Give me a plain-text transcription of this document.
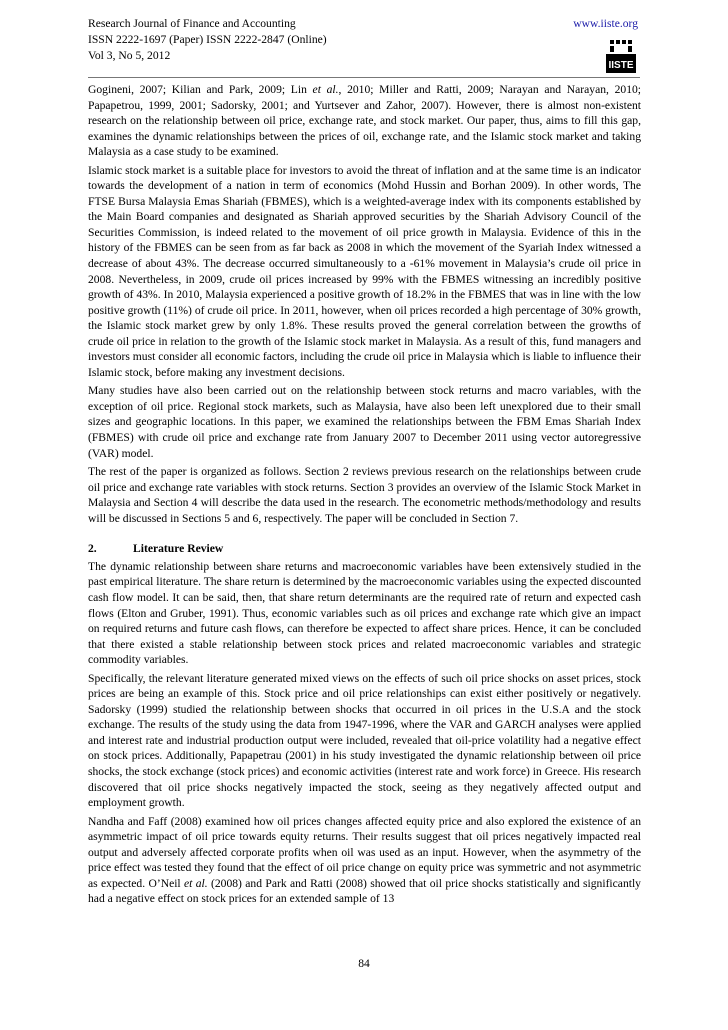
Research Journal of Finance and Accounting
ISSN 2222-1697 (Paper) ISSN 2222-2847 (Online)
Vol 3, No 5, 2012
www.iiste.org
IISTE

Gogineni, 2007; Kilian and Park, 2009; Lin et al., 2010; Miller and Ratti, 2009; Narayan and Narayan, 2010; Papapetrou, 1999, 2001; Sadorsky, 2001; and Yurtsever and Zahor, 2007). However, there is almost non-existent research on the relationship between oil price, exchange rate, and stock market. Our paper, thus, aims to fill this gap, examines the dynamic relationships between the prices of oil, exchange rate, and the Islamic stock market and taking Malaysia as a case study to be examined.

Islamic stock market is a suitable place for investors to avoid the threat of inflation and at the same time is an indicator towards the development of a nation in term of economics (Mohd Hussin and Borhan 2009). In other words, The FTSE Bursa Malaysia Emas Shariah (FBMES), which is a weighted-average index with its components established by the Main Board companies and designated as Shariah approved securities by the Shariah Advisory Council of the Securities Commission, is indeed related to the movement of oil price growth in Malaysia. Evidence of this in the history of the FBMES can be seen from as far back as 2008 in which the movement of the Syariah Index witnessed a decrease of about 43%. The decrease occurred simultaneously to a -61% movement in Malaysia’s crude oil price in 2008. Nevertheless, in 2009, crude oil prices increased by 99% with the FBMES witnessing an incredibly positive growth of 43%. In 2010, Malaysia experienced a positive growth of 18.2% in the FBMES that was in line with the low positive growth (11%) of crude oil price. In 2011, however, when oil prices recorded a high percentage of 30% growth, the Islamic stock market grew by only 1.8%. These results proved the general correlation between the growths of crude oil price in relation to the growth of the Islamic stock market in Malaysia. As a result of this, fund managers and investors must consider all economic factors, including the crude oil price in Malaysia which is liable to influence their Islamic stock, before making any investment decisions.

Many studies have also been carried out on the relationship between stock returns and macro variables, with the exception of oil price. Regional stock markets, such as Malaysia, have also been left unexplored due to their small sizes and geographic locations. In this paper, we examined the relationships between the FBM Emas Shariah Index (FBMES) with crude oil price and exchange rate from January 2007 to December 2011 using vector autoregressive (VAR) model.

The rest of the paper is organized as follows. Section 2 reviews previous research on the relationships between crude oil price and exchange rate variables with stock returns. Section 3 provides an overview of the Islamic Stock Market in Malaysia and Section 4 will describe the data used in the research. The econometric methods/methodology and results will be discussed in Sections 5 and 6, respectively. The paper will be concluded in Section 7.

2.	Literature Review

The dynamic relationship between share returns and macroeconomic variables have been extensively studied in the past empirical literature. The share return is determined by the macroeconomic variables using the expected discounted cash flow model. It can be said, then, that share return determinants are the required rate of return and expected cash flows (Elton and Gruber, 1991). Thus, economic variables such as oil prices and exchange rate which give an impact on required returns and future cash flows, can therefore be expected to affect share prices. Hence, it can be concluded that there existed a stable relationship between stock prices and related macroeconomic variables and strategic commodity variables.

Specifically, the relevant literature generated mixed views on the effects of such oil price shocks on asset prices, stock prices are being an example of this. Stock price and oil price relationships can exist either positively or negatively. Sadorsky (1999) studied the relationship between shocks that occurred in oil prices in the U.S.A and the stock exchange. The results of the study using the data from 1947-1996, where the VAR and GARCH analyses were applied and interest rate and industrial production output were included, revealed that oil-price volatility had a negative effect on stock prices. Additionally, Papapetrau (2001) in his study investigated the dynamic relationship between oil price shocks, the stock exchange (stock prices) and economic activities (interest rate and work force) in Greece. His research discovered that oil price shocks negatively impacted the stock, seeing as they negatively affected output and employment growth.

Nandha and Faff (2008) examined how oil prices changes affected equity price and also explored the existence of an asymmetric impact of oil price towards equity returns. Their results suggest that oil prices negatively impacted real output and adversely affected corporate profits when oil was used as an input. However, when the asymmetry of the price effect was tested they found that the effect of oil price change on equity price was symmetric and not asymmetric as expected. O’Neil et al. (2008) and Park and Ratti (2008) showed that oil price shocks statistically and significantly had a negative effect on stock prices for an extended sample of 13

84
